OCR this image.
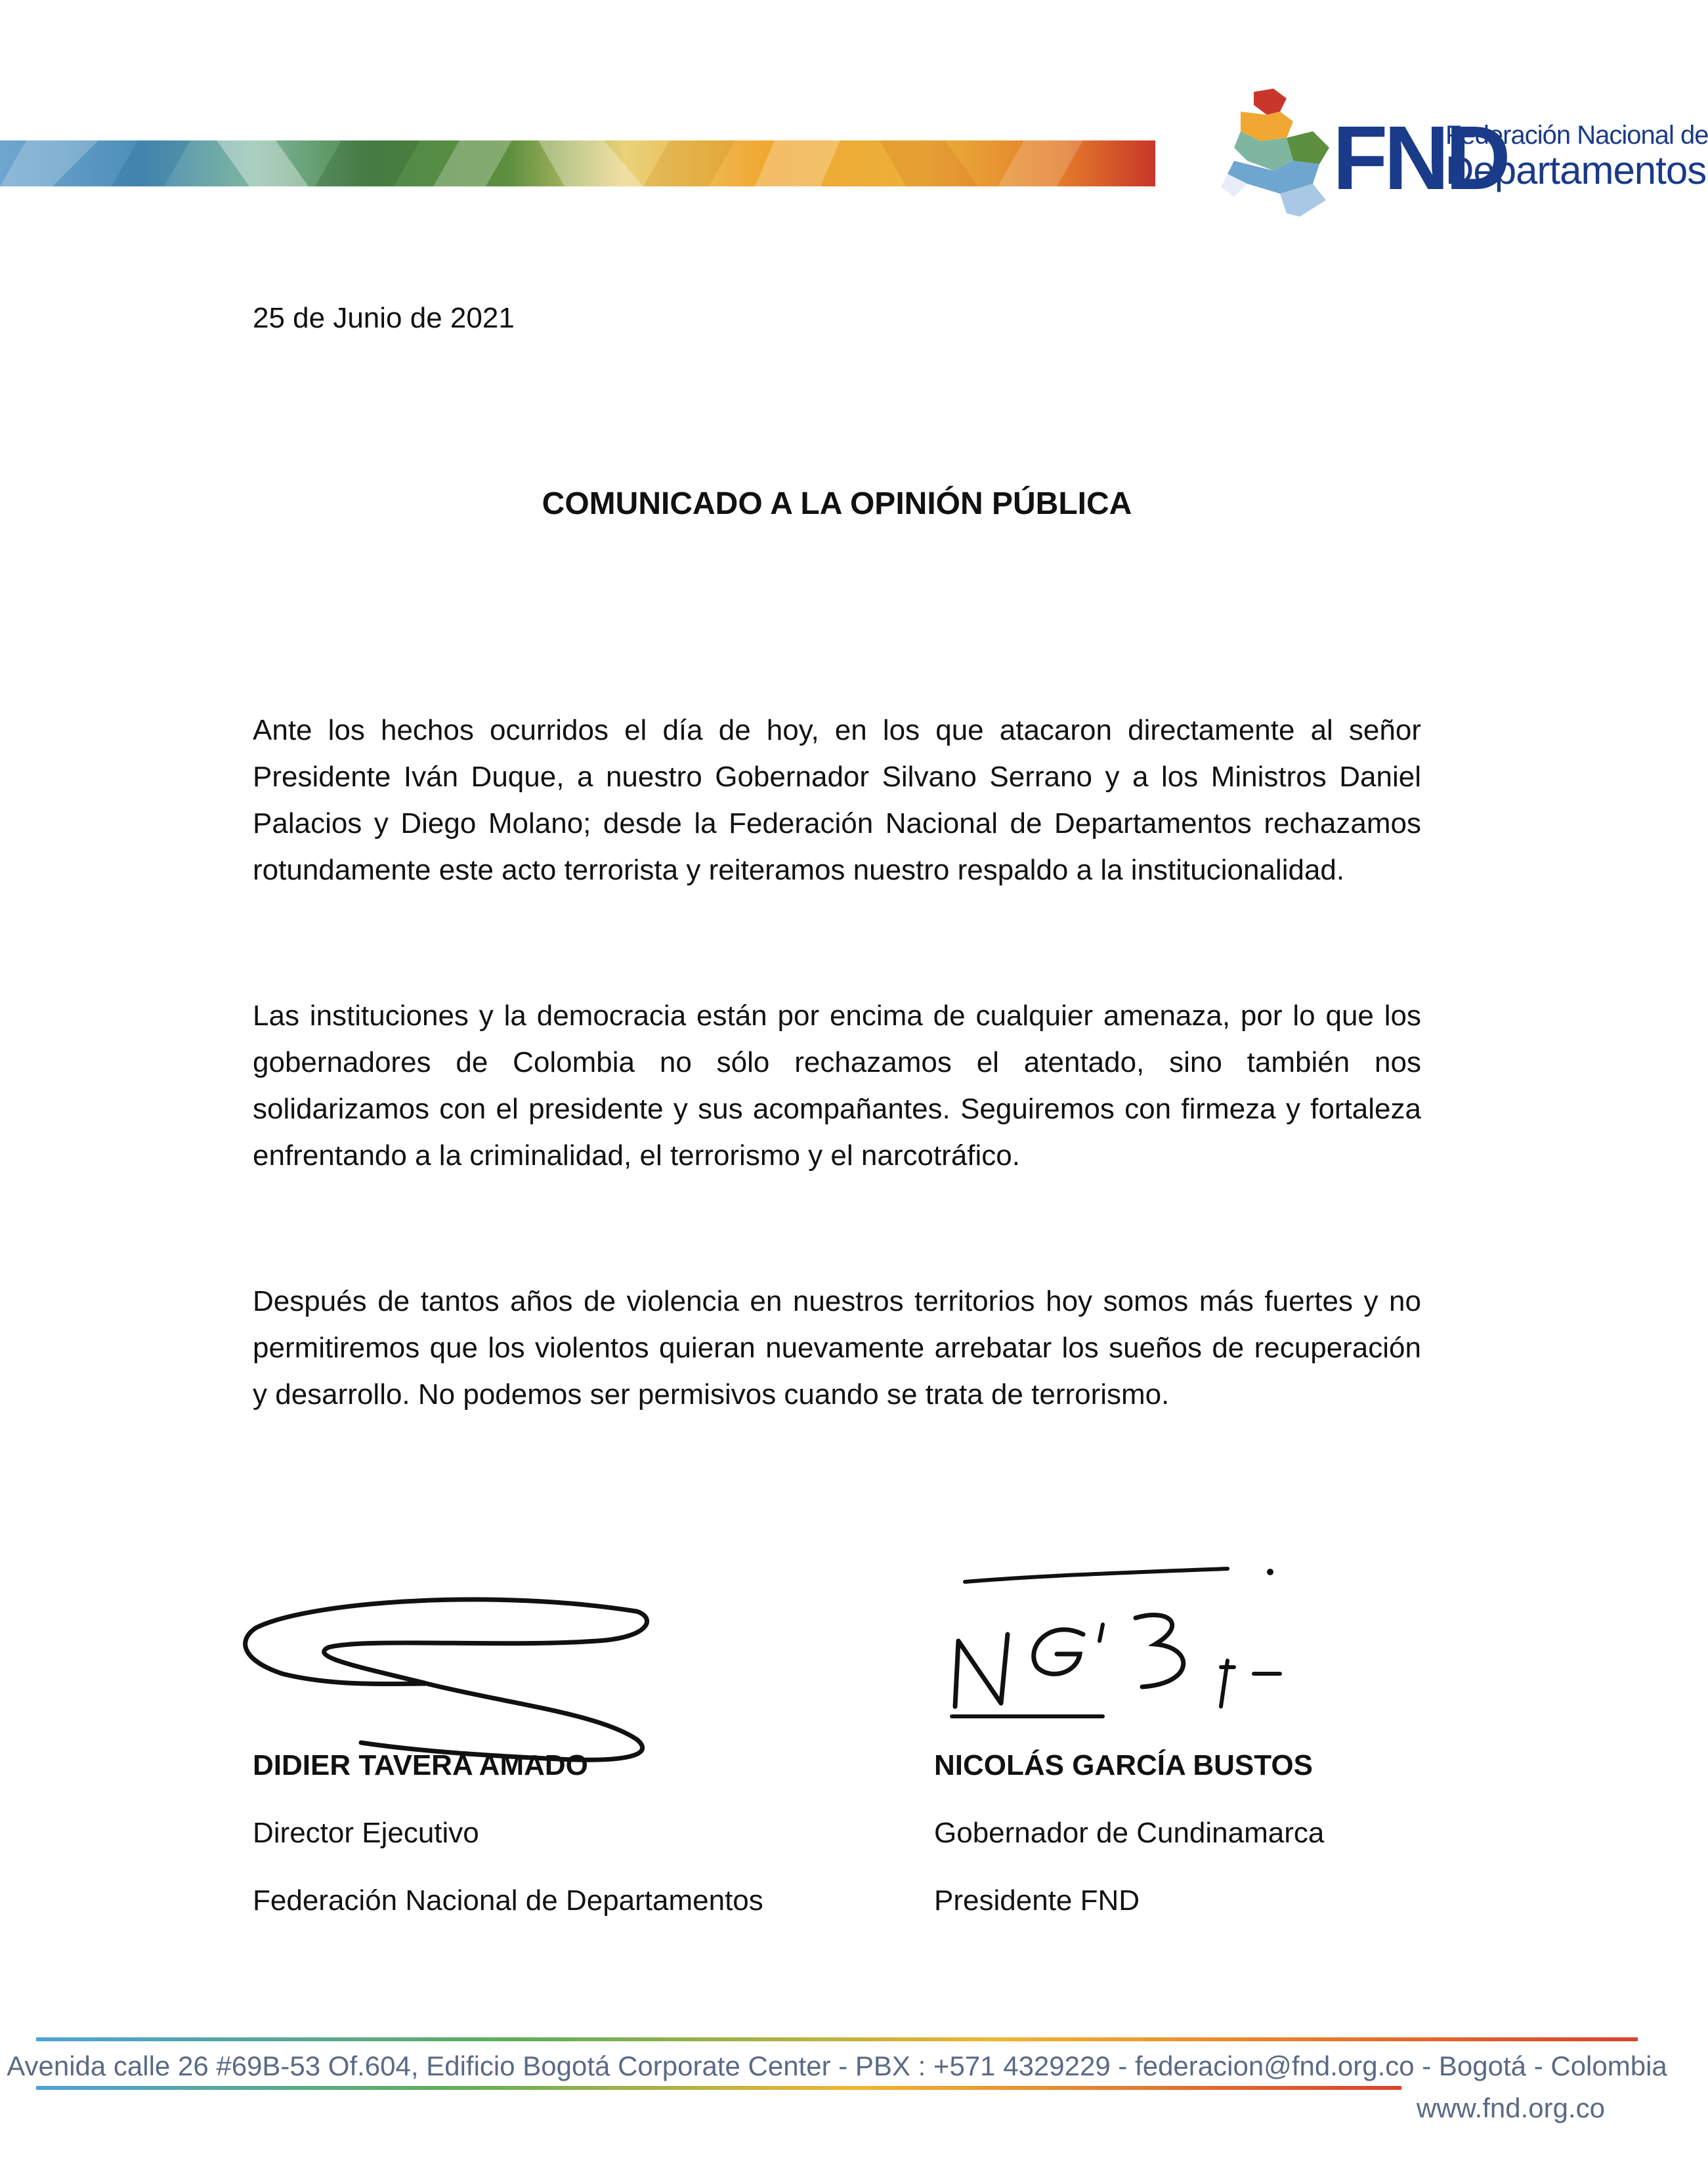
FND
Federación Nacional de
Departamentos
25 de Junio de 2021
COMUNICADO A LA OPINIÓN PÚBLICA

Ante los hechos ocurridos el día de hoy, en los que atacaron directamente al señor Presidente Iván Duque, a nuestro Gobernador Silvano Serrano y a los Ministros Daniel Palacios y Diego Molano; desde la Federación Nacional de Departamentos rechazamos rotundamente este acto terrorista y reiteramos nuestro respaldo a la institucionalidad.

Las instituciones y la democracia están por encima de cualquier amenaza, por lo que los gobernadores de Colombia no sólo rechazamos el atentado, sino también nos solidarizamos con el presidente y sus acompañantes. Seguiremos con firmeza y fortaleza enfrentando a la criminalidad, el terrorismo y el narcotráfico.

Después de tantos años de violencia en nuestros territorios hoy somos más fuertes y no permitiremos que los violentos quieran nuevamente arrebatar los sueños de recuperación y desarrollo. No podemos ser permisivos cuando se trata de terrorismo.

DIDIER TAVERA AMADO
Director Ejecutivo
Federación Nacional de Departamentos
NICOLÁS GARCÍA BUSTOS
Gobernador de Cundinamarca
Presidente FND
Avenida calle 26 #69B-53 Of.604, Edificio Bogotá Corporate Center - PBX : +571 4329229 - federacion@fnd.org.co - Bogotá - Colombia
www.fnd.org.co
